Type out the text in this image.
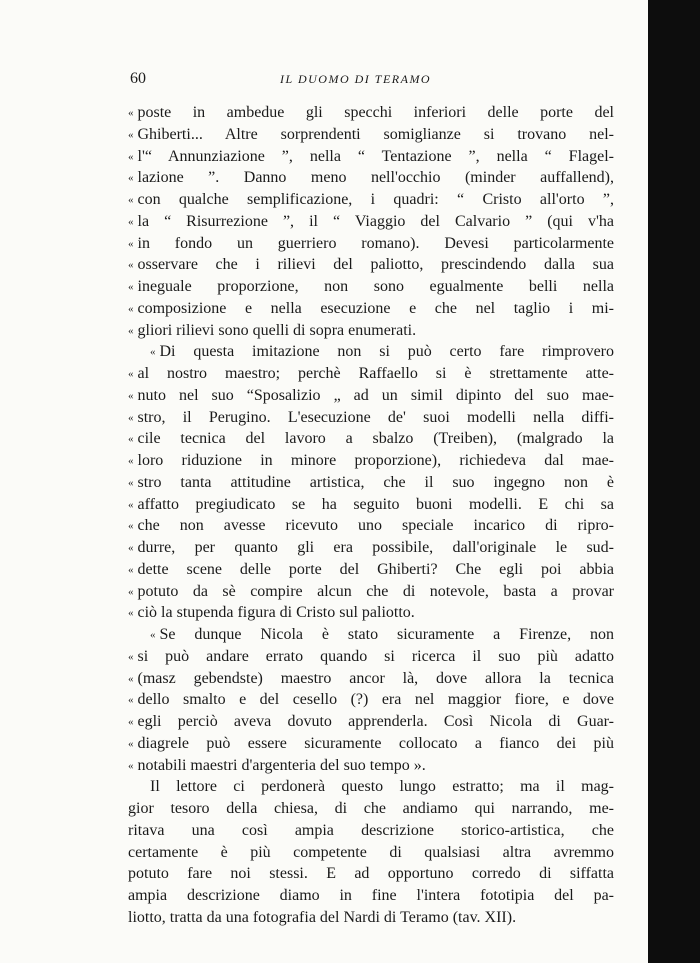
60	IL DUOMO DI TERAMO
« poste in ambedue gli specchi inferiori delle porte del
« Ghiberti... Altre sorprendenti somiglianze si trovano nel-
« l'“ Annunziazione ”, nella “ Tentazione ”, nella “ Flagel-
« lazione ”. Danno meno nell'occhio (minder auffallend),
« con qualche semplificazione, i quadri: “ Cristo all'orto ”,
« la “ Risurrezione ”, il “ Viaggio del Calvario ” (qui v'ha
« in fondo un guerriero romano). Devesi particolarmente
« osservare che i rilievi del paliotto, prescindendo dalla sua
« ineguale proporzione, non sono egualmente belli nella
« composizione e nella esecuzione e che nel taglio i mi-
« gliori rilievi sono quelli di sopra enumerati.
« Di questa imitazione non si può certo fare rimprovero
« al nostro maestro; perchè Raffaello si è strettamente atte-
« nuto nel suo “Sposalizio „ ad un simil dipinto del suo mae-
« stro, il Perugino. L'esecuzione de' suoi modelli nella diffi-
« cile tecnica del lavoro a sbalzo (Treiben), (malgrado la
« loro riduzione in minore proporzione), richiedeva dal mae-
« stro tanta attitudine artistica, che il suo ingegno non è
« affatto pregiudicato se ha seguito buoni modelli. E chi sa
« che non avesse ricevuto uno speciale incarico di ripro-
« durre, per quanto gli era possibile, dall'originale le sud-
« dette scene delle porte del Ghiberti? Che egli poi abbia
« potuto da sè compire alcun che di notevole, basta a provar
« ciò la stupenda figura di Cristo sul paliotto.
« Se dunque Nicola è stato sicuramente a Firenze, non
« si può andare errato quando si ricerca il suo più adatto
« (masz gebendste) maestro ancor là, dove allora la tecnica
« dello smalto e del cesello (?) era nel maggior fiore, e dove
« egli perciò aveva dovuto apprenderla. Così Nicola di Guar-
« diagrele può essere sicuramente collocato a fianco dei più
« notabili maestri d'argenteria del suo tempo ».
Il lettore ci perdonerà questo lungo estratto; ma il mag-
gior tesoro della chiesa, di che andiamo qui narrando, me-
ritava una così ampia descrizione storico-artistica, che
certamente è più competente di qualsiasi altra avremmo
potuto fare noi stessi. E ad opportuno corredo di siffatta
ampia descrizione diamo in fine l'intera fototipia del pa-
liotto, tratta da una fotografia del Nardi di Teramo (tav. XII).
